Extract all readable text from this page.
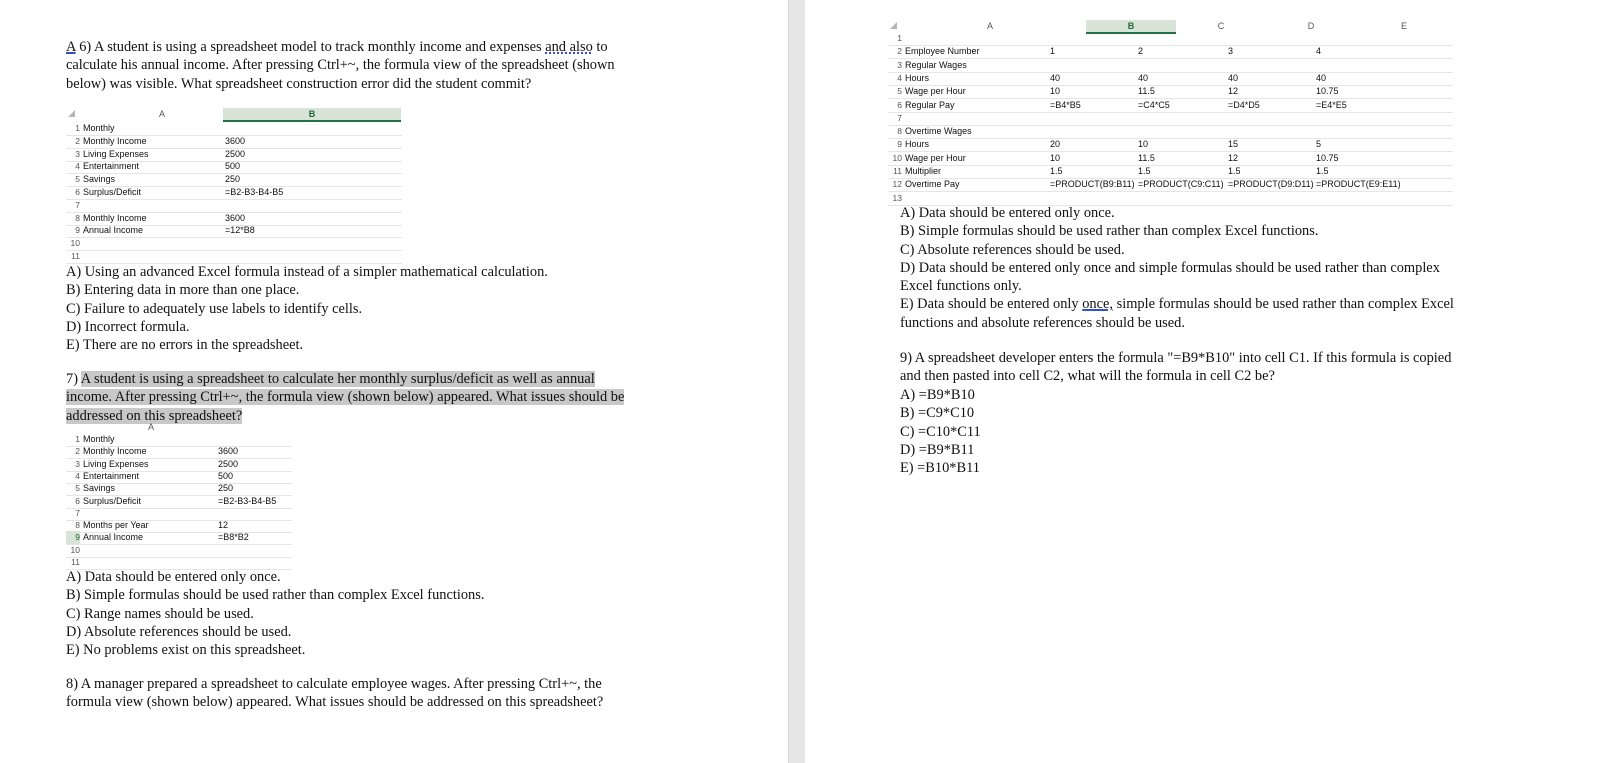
A 6) A student is using a spreadsheet model to track monthly income and expenses and also to
calculate his annual income. After pressing Ctrl+~, the formula view of the spreadsheet (shown
below) was visible. What spreadsheet construction error did the student commit?
A	B
1 Monthly
2 Monthly Income	3600
3 Living Expenses	2500
4 Entertainment	500
5 Savings	250
6 Surplus/Deficit	=B2-B3-B4-B5
7
8 Monthly Income	3600
9 Annual Income	=12*B8
10
11
A) Using an advanced Excel formula instead of a simpler mathematical calculation.
B) Entering data in more than one place.
C) Failure to adequately use labels to identify cells.
D) Incorrect formula.
E) There are no errors in the spreadsheet.
7) A student is using a spreadsheet to calculate her monthly surplus/deficit as well as annual
income. After pressing Ctrl+~, the formula view (shown below) appeared. What issues should be
addressed on this spreadsheet?
A
1 Monthly
2 Monthly Income	3600
3 Living Expenses	2500
4 Entertainment	500
5 Savings	250
6 Surplus/Deficit	=B2-B3-B4-B5
7
8 Months per Year	12
9 Annual Income	=B8*B2
10
11
A) Data should be entered only once.
B) Simple formulas should be used rather than complex Excel functions.
C) Range names should be used.
D) Absolute references should be used.
E) No problems exist on this spreadsheet.
8) A manager prepared a spreadsheet to calculate employee wages. After pressing Ctrl+~, the
formula view (shown below) appeared. What issues should be addressed on this spreadsheet?
A	B	C	D	E
1
2 Employee Number	1	2	3	4
3 Regular Wages
4 Hours	40	40	40	40
5 Wage per Hour	10	11.5	12	10.75
6 Regular Pay	=B4*B5	=C4*C5	=D4*D5	=E4*E5
7
8 Overtime Wages
9 Hours	20	10	15	5
10 Wage per Hour	10	11.5	12	10.75
11 Multiplier	1.5	1.5	1.5	1.5
12 Overtime Pay	=PRODUCT(B9:B11) =PRODUCT(C9:C11) =PRODUCT(D9:D11) =PRODUCT(E9:E11)
13
A) Data should be entered only once.
B) Simple formulas should be used rather than complex Excel functions.
C) Absolute references should be used.
D) Data should be entered only once and simple formulas should be used rather than complex
Excel functions only.
E) Data should be entered only once, simple formulas should be used rather than complex Excel
functions and absolute references should be used.
9) A spreadsheet developer enters the formula "=B9*B10" into cell C1. If this formula is copied
and then pasted into cell C2, what will the formula in cell C2 be?
A) =B9*B10
B) =C9*C10
C) =C10*C11
D) =B9*B11
E) =B10*B11
